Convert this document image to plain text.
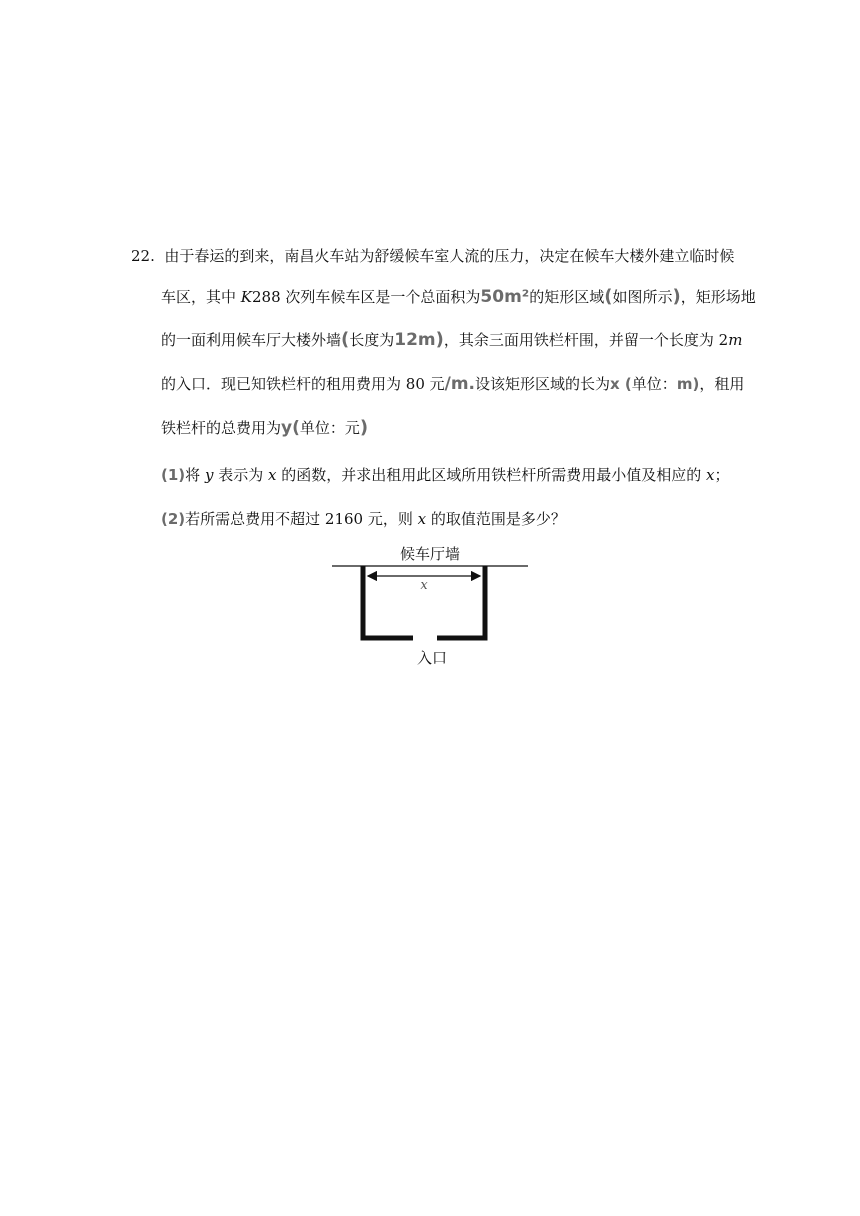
22. 由于春运的到来，南昌火车站为舒缓候车室人流的压力，决定在候车大楼外建立临时候
车区，其中 K288 次列车候车区是一个总面积为50m²的矩形区域(如图所示)，矩形场地
的一面利用候车厅大楼外墙(长度为12m)，其余三面用铁栏杆围，并留一个长度为 2m
的入口．现已知铁栏杆的租用费用为 80 元/m.设该矩形区域的长为x (单位：m)，租用
铁栏杆的总费用为y(单位：元)
(1)将 y 表示为 x 的函数，并求出租用此区域所用铁栏杆所需费用最小值及相应的 x；
(2)若所需总费用不超过 2160 元，则 x 的取值范围是多少？
候车厅墙
x
入口
